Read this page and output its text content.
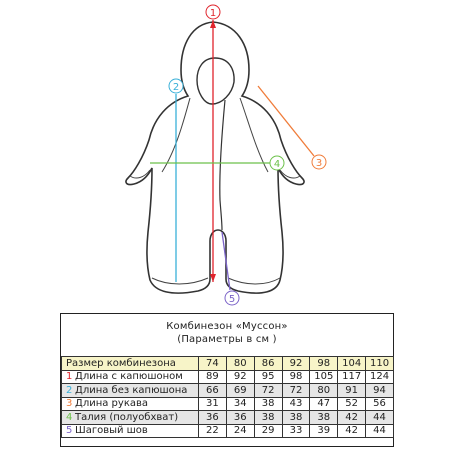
1
2
3
4
5
Комбинезон «Муссон»
(Параметры в см )
Размер комбинезона	74	80	86	92	98	104	110
1 Длина с капюшоном	89	92	95	98	105	117	124
2 Длина без капюшона	66	69	72	72	80	91	94
3 Длина рукава	31	34	38	43	47	52	56
4 Талия (полуобхват)	36	36	38	38	38	42	44
5 Шаговый шов	22	24	29	33	39	42	44
